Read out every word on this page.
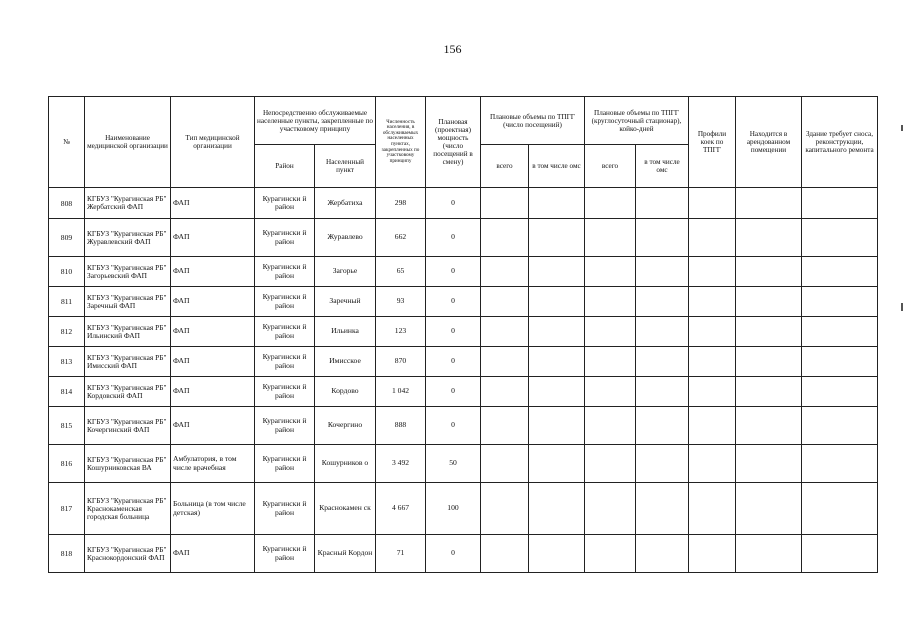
156
№	Наименование медицинской организации	Тип медицинской организации	Непосредственно обслуживаемые населенные пункты, закрепленные по участковому принципу		Численность населения, в обслуживаемых населенных пунктах, закрепленных по участковому принципу	Плановая (проектная) мощность (число посещений в смену)	Плановые объемы по ТПГГ (число посещений)		Плановые объемы по ТПГГ (круглосуточный стационар), койко-дней		Профили коек по ТПГГ	Находится в арендованном помещении	Здание требует сноса, реконструкции, капитального ремонта
			Район	Населенный пункт			всего	в том числе омс	всего	в том числе омс			
808	КГБУЗ "Курагинская РБ" Жербатский ФАП	ФАП	Курагински й район	Жербатиха	298	0							
809	КГБУЗ "Курагинская РБ" Журавлевский ФАП	ФАП	Курагински й район	Журавлево	662	0							
810	КГБУЗ "Курагинская РБ" Загорьевский ФАП	ФАП	Курагински й район	Загорье	65	0							
811	КГБУЗ "Курагинская РБ" Заречный ФАП	ФАП	Курагински й район	Заречный	93	0							
812	КГБУЗ "Курагинская РБ" Ильинский ФАП	ФАП	Курагински й район	Ильинка	123	0							
813	КГБУЗ "Курагинская РБ" Имисский ФАП	ФАП	Курагински й район	Имисское	870	0							
814	КГБУЗ "Курагинская РБ" Кордовский ФАП	ФАП	Курагински й район	Кордово	1 042	0							
815	КГБУЗ "Курагинская РБ" Кочергинский ФАП	ФАП	Курагински й район	Кочергино	888	0							
816	КГБУЗ "Курагинская РБ" Кошурниковская ВА	Амбулатория, в том числе врачебная	Курагински й район	Кошурников о	3 492	50							
817	КГБУЗ "Курагинская РБ" Краснокаменская городская больница	Больница (в том числе детская)	Курагински й район	Краснокамен ск	4 667	100							
818	КГБУЗ "Курагинская РБ" Краснокордонский ФАП	ФАП	Курагински й район	Красный Кордон	71	0							
